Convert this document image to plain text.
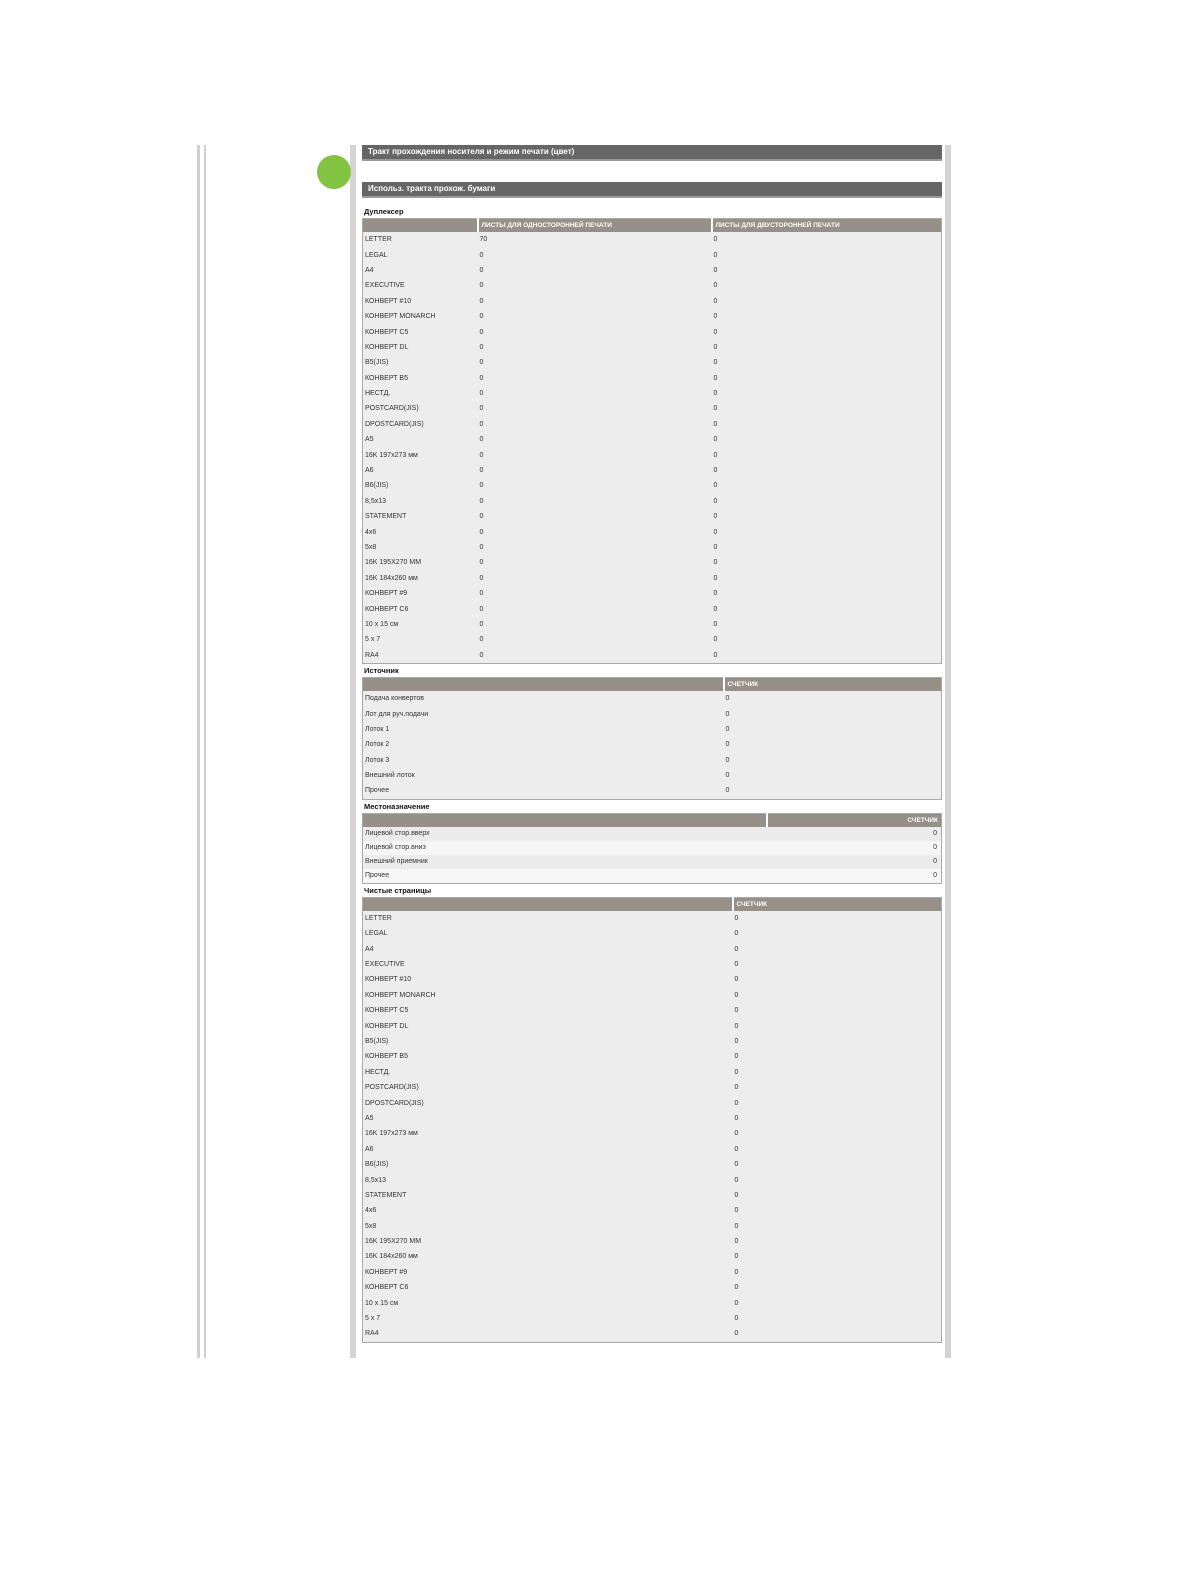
Тракт прохождения носителя и режим печати (цвет)
Использ. тракта прохож. бумаги
Дуплексер
	ЛИСТЫ ДЛЯ ОДНОСТОРОННЕЙ ПЕЧАТИ	ЛИСТЫ ДЛЯ ДВУСТОРОННЕЙ ПЕЧАТИ
LETTER	70	0
LEGAL	0	0
A4	0	0
EXECUTIVE	0	0
КОНВЕРТ #10	0	0
КОНВЕРТ MONARCH	0	0
КОНВЕРТ C5	0	0
КОНВЕРТ DL	0	0
B5(JIS)	0	0
КОНВЕРТ B5	0	0
НЕСТД.	0	0
POSTCARD(JIS)	0	0
DPOSTCARD(JIS)	0	0
A5	0	0
16K 197x273 мм	0	0
A6	0	0
B6(JIS)	0	0
8,5x13	0	0
STATEMENT	0	0
4x6	0	0
5x8	0	0
16K 195X270 MM	0	0
16K 184x260 мм	0	0
КОНВЕРТ #9	0	0
КОНВЕРТ C6	0	0
10 x 15 см	0	0
5 x 7	0	0
RA4	0	0
Источник
	СЧЕТЧИК
Подача конвертов	0
Лот для руч.подачи	0
Лоток 1	0
Лоток 2	0
Лоток 3	0
Внешний лоток	0
Прочее	0
Местоназначение
	СЧЕТЧИК
Лицевой стор.вверх	0
Лицевой стор.вниз	0
Внешний приемник	0
Прочее	0
Чистые страницы
	СЧЕТЧИК
LETTER	0
LEGAL	0
A4	0
EXECUTIVE	0
КОНВЕРТ #10	0
КОНВЕРТ MONARCH	0
КОНВЕРТ C5	0
КОНВЕРТ DL	0
B5(JIS)	0
КОНВЕРТ B5	0
НЕСТД.	0
POSTCARD(JIS)	0
DPOSTCARD(JIS)	0
A5	0
16K 197x273 мм	0
A6	0
B6(JIS)	0
8,5x13	0
STATEMENT	0
4x6	0
5x8	0
16K 195X270 MM	0
16K 184x260 мм	0
КОНВЕРТ #9	0
КОНВЕРТ C6	0
10 x 15 см	0
5 x 7	0
RA4	0
